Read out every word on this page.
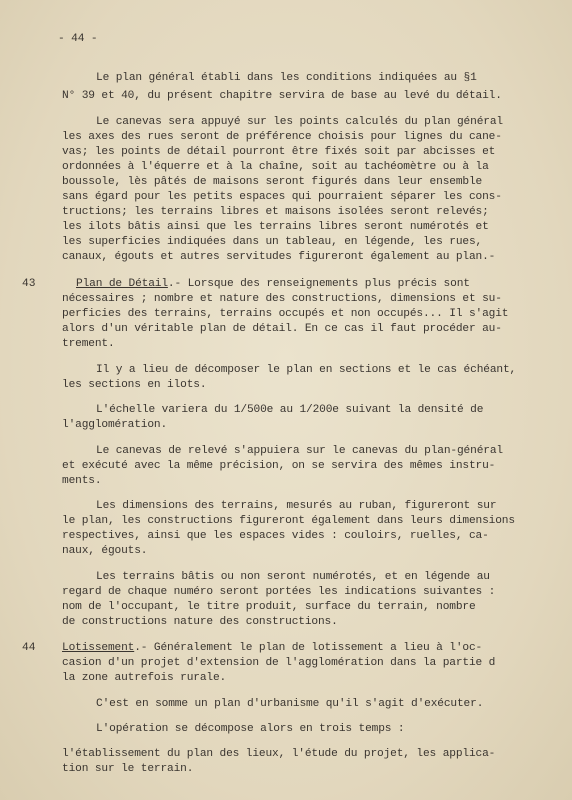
- 44 -
Le plan général établi dans les conditions indiquées au §1
N° 39 et 40, du présent chapitre servira de base au levé du détail.
Le canevas sera appuyé sur les points calculés du plan général
les axes des rues seront de préférence choisis pour lignes du cane-
vas; les points de détail pourront être fixés soit par abcisses et
ordonnées à l'équerre et à la chaîne, soit au tachéomètre ou à la
boussole, lès pâtés de maisons seront figurés dans leur ensemble
sans égard pour les petits espaces qui pourraient séparer les cons-
tructions; les terrains libres et maisons isolées seront relevés;
les ilots bâtis ainsi que les terrains libres seront numérotés et
les superficies indiquées dans un tableau, en légende, les rues,
canaux, égouts et autres servitudes figureront également au plan.-
43	Plan de Détail.- Lorsque des renseignements plus précis sont
nécessaires ; nombre et nature des constructions, dimensions et su-
perficies des terrains, terrains occupés et non occupés... Il s'agit
alors d'un véritable plan de détail. En ce cas il faut procéder au-
trement.
Il y a lieu de décomposer le plan en sections et le cas échéant,
les sections en ilots.
L'échelle variera du 1/500e au 1/200e suivant la densité de
l'agglomération.
Le canevas de relevé s'appuiera sur le canevas du plan-général
et exécuté avec la même précision, on se servira des mêmes instru-
ments.
Les dimensions des terrains, mesurés au ruban, figureront sur
le plan, les constructions figureront également dans leurs dimensions
respectives, ainsi que les espaces vides : couloirs, ruelles, ca-
naux, égouts.
Les terrains bâtis ou non seront numérotés, et en légende au
regard de chaque numéro seront portées les indications suivantes :
nom de l'occupant, le titre produit, surface du terrain, nombre
de constructions nature des constructions.
44 Lotissement.- Généralement le plan de lotissement a lieu à l'oc-
casion d'un projet d'extension de l'agglomération dans la partie d
la zone autrefois rurale.
C'est en somme un plan d'urbanisme qu'il s'agit d'exécuter.
L'opération se décompose alors en trois temps :
l'établissement du plan des lieux, l'étude du projet, les applica-
tion sur le terrain.
